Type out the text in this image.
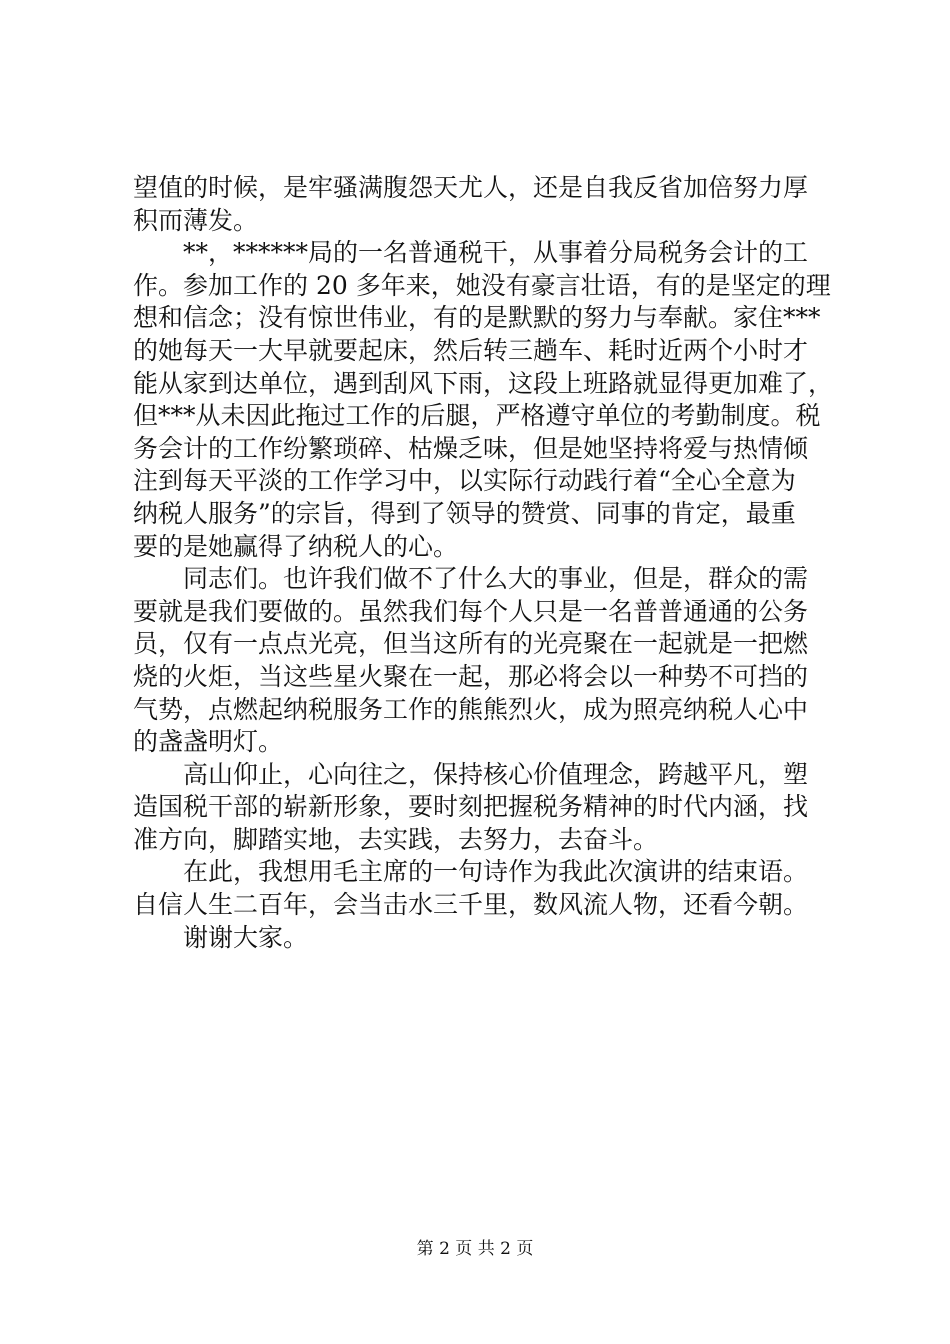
望值的时候，是牢骚满腹怨天尤人，还是自我反省加倍努力厚
积而薄发。
**，******局的一名普通税干，从事着分局税务会计的工
作。参加工作的 20 多年来，她没有豪言壮语，有的是坚定的理
想和信念；没有惊世伟业，有的是默默的努力与奉献。家住***
的她每天一大早就要起床，然后转三趟车、耗时近两个小时才
能从家到达单位，遇到刮风下雨，这段上班路就显得更加难了，
但***从未因此拖过工作的后腿，严格遵守单位的考勤制度。税
务会计的工作纷繁琐碎、枯燥乏味，但是她坚持将爱与热情倾
注到每天平淡的工作学习中，以实际行动践行着“全心全意为
纳税人服务”的宗旨，得到了领导的赞赏、同事的肯定，最重
要的是她赢得了纳税人的心。
同志们。也许我们做不了什么大的事业，但是，群众的需
要就是我们要做的。虽然我们每个人只是一名普普通通的公务
员，仅有一点点光亮，但当这所有的光亮聚在一起就是一把燃
烧的火炬，当这些星火聚在一起，那必将会以一种势不可挡的
气势，点燃起纳税服务工作的熊熊烈火，成为照亮纳税人心中
的盏盏明灯。
高山仰止，心向往之，保持核心价值理念，跨越平凡，塑
造国税干部的崭新形象，要时刻把握税务精神的时代内涵，找
准方向，脚踏实地，去实践，去努力，去奋斗。
在此，我想用毛主席的一句诗作为我此次演讲的结束语。
自信人生二百年，会当击水三千里，数风流人物，还看今朝。
谢谢大家。
第 2 页 共 2 页
